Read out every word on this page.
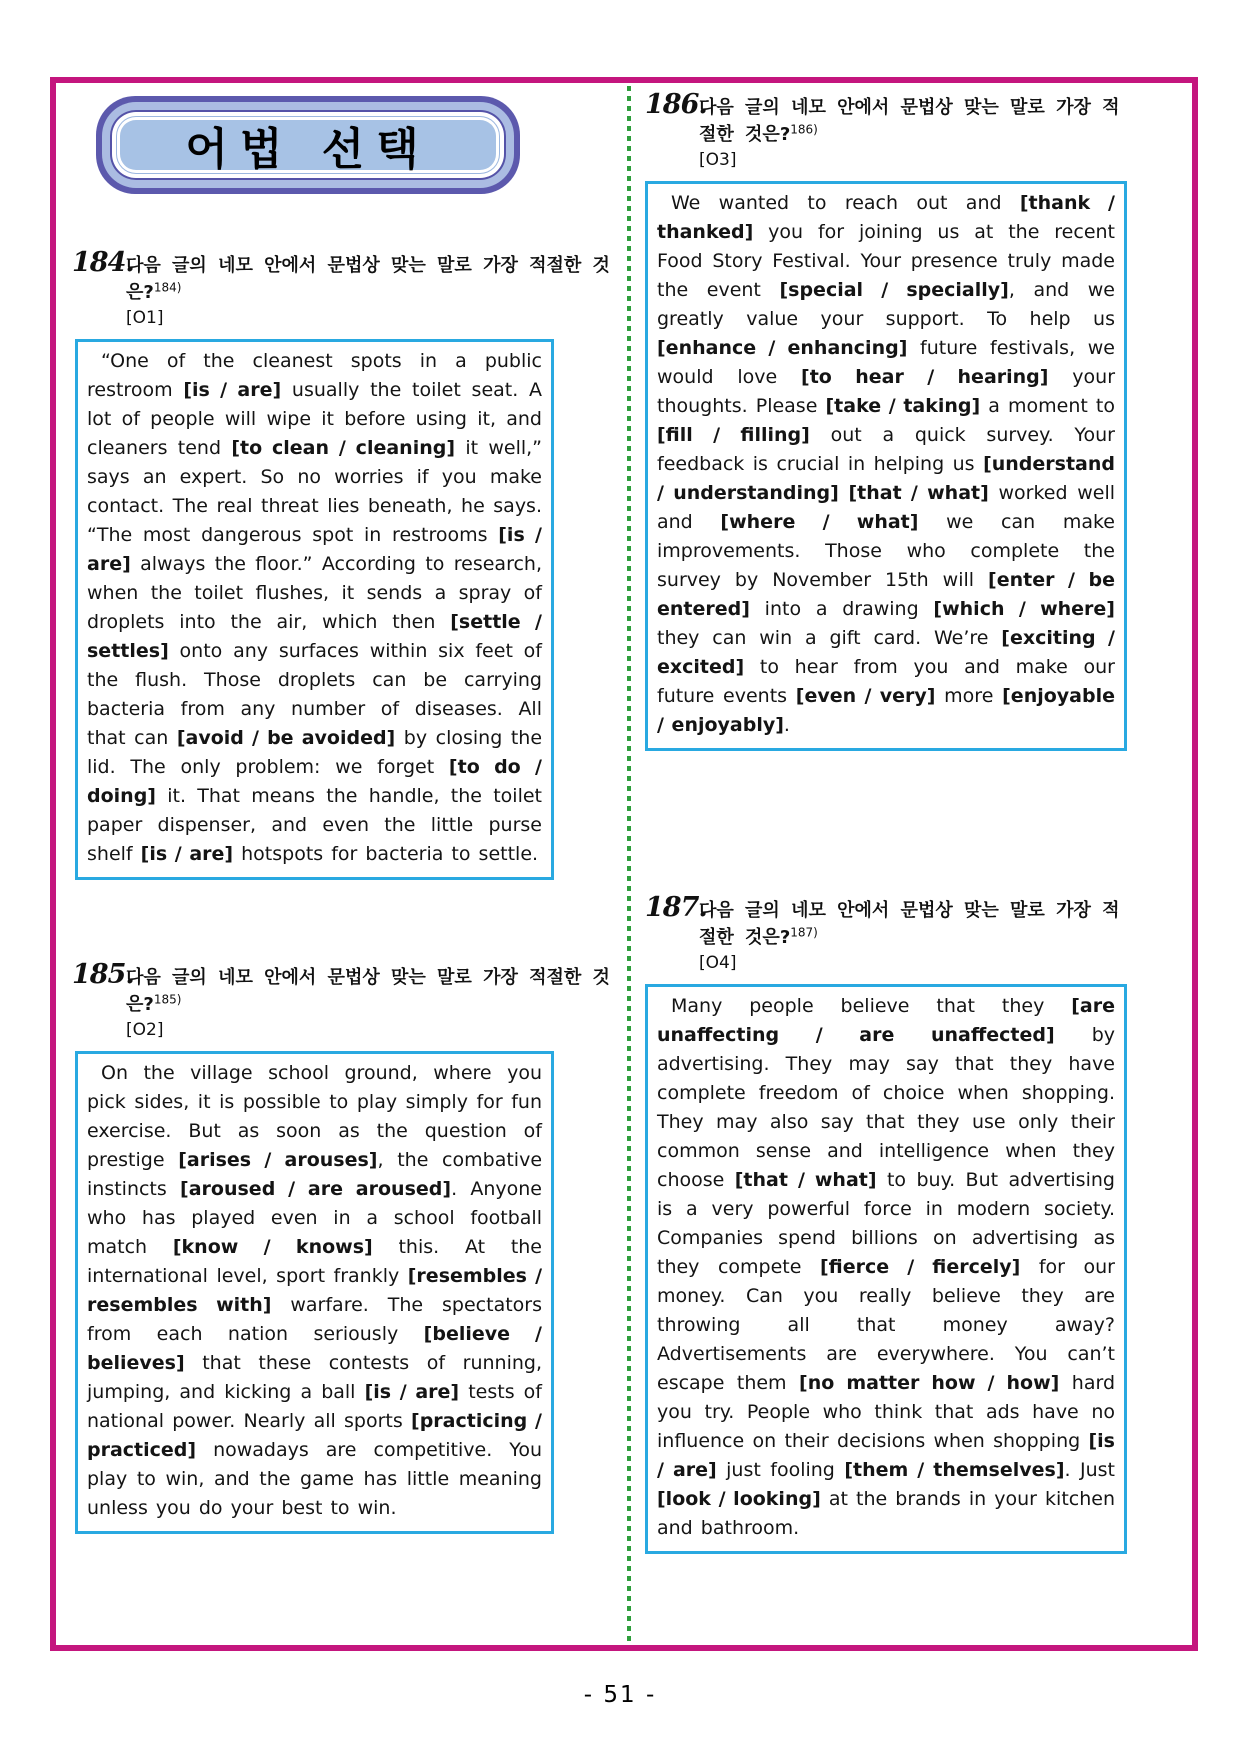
어법 선택
184.
다음 글의 네모 안에서 문법상 맞는 말로 가장 적절한 것은?$^{184)}$
[O1]
“One of the cleanest spots in a public restroom [is / are] usually the toilet seat. A lot of people will wipe it before using it, and cleaners tend [to clean / cleaning] it well,” says an expert. So no worries if you make contact. The real threat lies beneath, he says. “The most dangerous spot in restrooms [is / are] always the floor.” According to research, when the toilet flushes, it sends a spray of droplets into the air, which then [settle / settles] onto any surfaces within six feet of the flush. Those droplets can be carrying bacteria from any number of diseases. All that can [avoid / be avoided] by closing the lid. The only problem: we forget [to do / doing] it. That means the handle, the toilet paper dispenser, and even the little purse shelf [is / are] hotspots for bacteria to settle.
185.
다음 글의 네모 안에서 문법상 맞는 말로 가장 적절한 것은?$^{185)}$
[O2]
On the village school ground, where you pick sides, it is possible to play simply for fun exercise. But as soon as the question of prestige [arises / arouses], the combative instincts [aroused / are aroused]. Anyone who has played even in a school football match [know / knows] this. At the international level, sport frankly [resembles / resembles with] warfare. The spectators from each nation seriously [believe / believes] that these contests of running, jumping, and kicking a ball [is / are] tests of national power. Nearly all sports [practicing / practiced] nowadays are competitive. You play to win, and the game has little meaning unless you do your best to win.
186.
다음 글의 네모 안에서 문법상 맞는 말로 가장 적절한 것은?$^{186)}$
[O3]
We wanted to reach out and [thank / thanked] you for joining us at the recent Food Story Festival. Your presence truly made the event [special / specially], and we greatly value your support. To help us [enhance / enhancing] future festivals, we would love [to hear / hearing] your thoughts. Please [take / taking] a moment to [fill / filling] out a quick survey. Your feedback is crucial in helping us [understand / understanding] [that / what] worked well and [where / what] we can make improvements. Those who complete the survey by November 15th will [enter / be entered] into a drawing [which / where] they can win a gift card. We’re [exciting / excited] to hear from you and make our future events [even / very] more [enjoyable / enjoyably].
187.
다음 글의 네모 안에서 문법상 맞는 말로 가장 적절한 것은?$^{187)}$
[O4]
Many people believe that they [are unaffecting / are unaffected] by advertising. They may say that they have complete freedom of choice when shopping. They may also say that they use only their common sense and intelligence when they choose [that / what] to buy. But advertising is a very powerful force in modern society. Companies spend billions on advertising as they compete [fierce / fiercely] for our money. Can you really believe they are throwing all that money away? Advertisements are everywhere. You can’t escape them [no matter how / how] hard you try. People who think that ads have no influence on their decisions when shopping [is / are] just fooling [them / themselves]. Just [look / looking] at the brands in your kitchen and bathroom.
- 51 -
